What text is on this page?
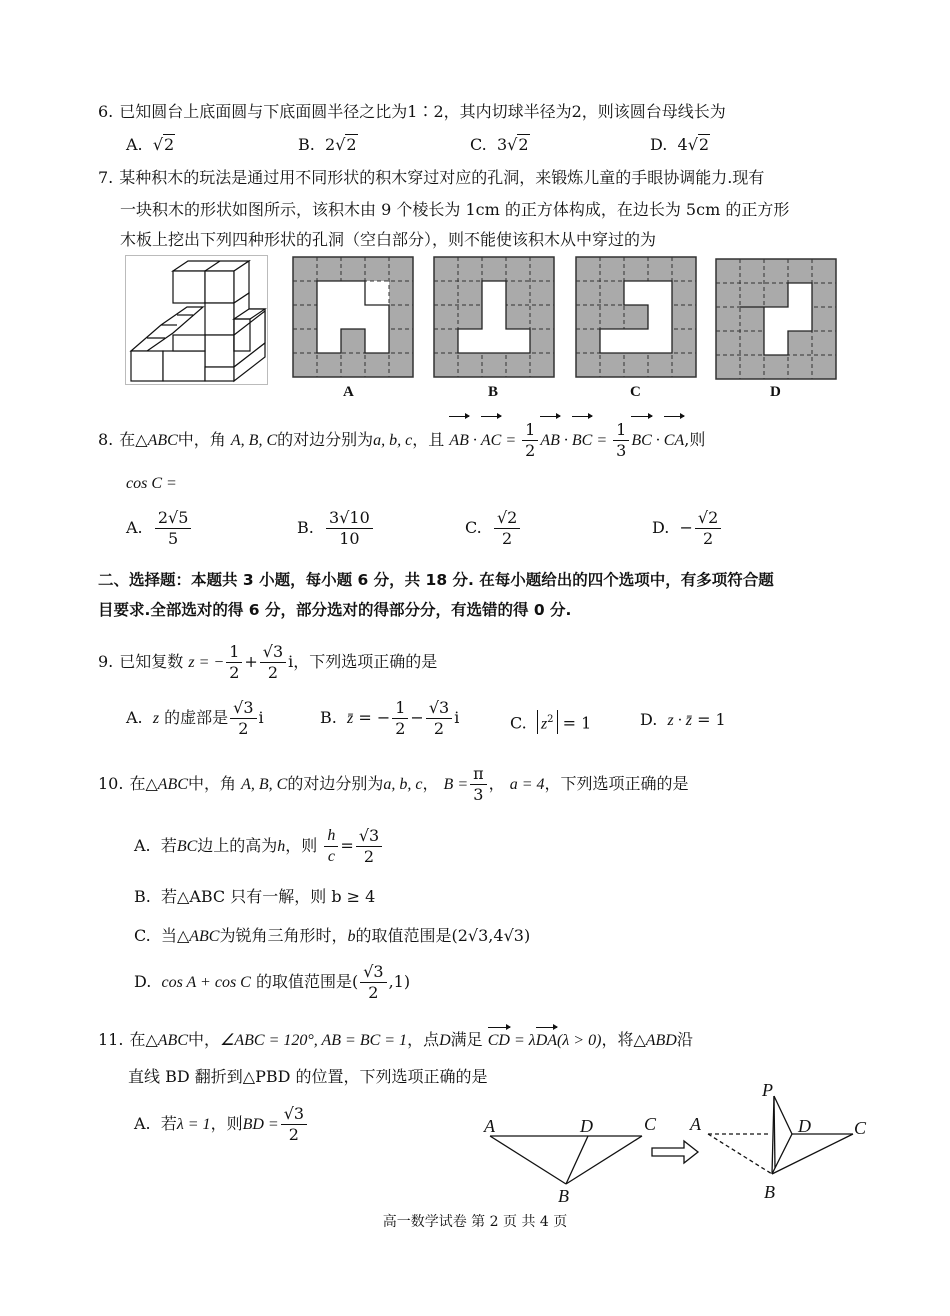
6. 已知圆台上底面圆与下底面圆半径之比为1∶2，其内切球半径为2，则该圆台母线长为
A. √2	B. 2√2	C. 3√2	D. 4√2
7. 某种积木的玩法是通过用不同形状的积木穿过对应的孔洞，来锻炼儿童的手眼协调能力.现有
一块积木的形状如图所示，该积木由 9 个棱长为 1cm 的正方体构成，在边长为 5cm 的正方形
木板上挖出下列四种形状的孔洞（空白部分），则不能使该积木从中穿过的为
A	B	C	D
8. 在△ABC中，角 A, B, C的对边分别为a, b, c，且 AB · AC = $\frac{1}{2}$ AB · BC = $\frac{1}{3}$ BC · CA,则
cos C =
A. $\frac{2√5}{5}$	B. $\frac{3√10}{10}$	C. $\frac{√2}{2}$	D. − $\frac{√2}{2}$
二、选择题：本题共 3 小题，每小题 6 分，共 18 分. 在每小题给出的四个选项中，有多项符合题
目要求.全部选对的得 6 分，部分选对的得部分分，有选错的得 0 分.
9. 已知复数 z = − $\frac{1}{2} + \frac{√3}{2}$ i，下列选项正确的是
A.  z 的虚部是 $\frac{√3}{2}$ i	B.  z̄ = − $\frac{1}{2} - \frac{√3}{2}$ i	C.  $z^2 = 1$	D.  z · z̄ = 1
10. 在△ABC中，角 A, B, C的对边分别为a, b, c， $B = \frac{\pi}{3}$ ， a = 4，下列选项正确的是
A.  若BC边上的高为h，则 $\frac{h}{c} = \frac{√3}{2}$
B.  若△ABC 只有一解，则 b ≥ 4
C.  当△ABC为锐角三角形时，b的取值范围是(2√3,4√3)
D.  cos A + cos C 的取值范围是( $\frac{√3}{2} ,1$)
11. 在△ABC中，∠ABC = 120°, AB = BC = 1，点D满足 CD = λDA(λ > 0)，将△ABD沿
直线 BD 翻折到△PBD 的位置，下列选项正确的是
A.  若λ = 1，则BD = $\frac{√3}{2}$	A	D	C
B
A	D C
B
P
高一数学试卷 第 2 页 共 4 页
